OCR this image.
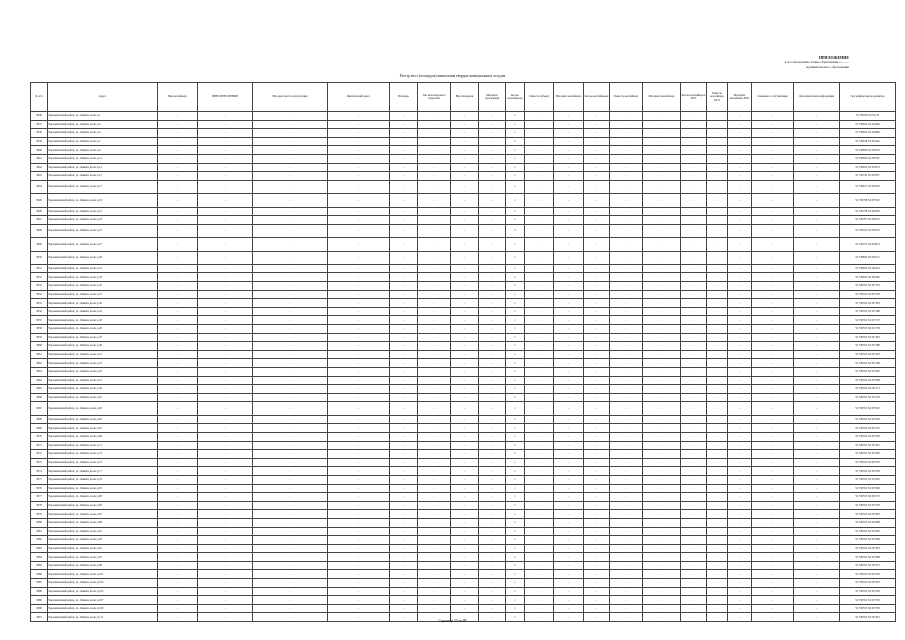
ПРИЛОЖЕНИЕ
к постановлению Главы образования с..........
муниципального образования
Реестр мест (площадок) накопления твердых коммунальных отходов
№ п/п	Адрес	Вид контейнера	ИНН/ОГРН/ОГРНИП	Юр.адрес/место регистрации	Фактический адрес	Площадь	Тип используемого покрытия	Вид площадки	Материал ограждения	Кол-во контейнеров	Емкость (объем)	Материал контейнера	Кол-во контейнеров	Емкость контейнера	Материал контейнера	Кол-во контейнеров КГО	Емкость контейнера КГО	Материал контейнера КГО	Сведения о собственнике	Дополнительная информация	Географические координаты
3036	Черемшанский район, ул. Ленина, возле д.1	-	-	-	-	-	-	-	-	1	-	-	-	-	-	-	-	-	-	-	55.736763 50.35133
3037	Черемшанский район, ул. Ленина, возле д.3	-	-	-	-	-	-	-	-	1	-	-	-	-	-	-	-	-	-	-	55.736843 50.354346
3038	Черемшанский район, ул. Ленина, возле д.5	-	-	-	-	-	-	-	-	1	-	-	-	-	-	-	-	-	-	-	55.736823 50.352848
3039	Черемшанский район, ул. Ленина, возле д.7	-	-	-	-	-	-	-	-	1	-	-	-	-	-	-	-	-	-	-	55.736818 50.353142
3040	Черемшанский район, ул. Ленина, возле д.9	-	-	-	-	-	-	-	-	1	-	-	-	-	-	-	-	-	-	-	55.736820 50.354733
3041	Черемшанский район, ул. Ленина, возле д.11	-	-	-	-	-	-	-	-	1	-	-	-	-	-	-	-	-	-	-	55.736620 50.359767
3042	Черемшанский район, ул. Ленина, возле д.13	-	-	-	-	-	-	-	-	1	-	-	-	-	-	-	-	-	-	-	55.736633 50.357913
3043	Черемшанский район, ул. Ленина, возле д.15	-	-	-	-	-	-	-	-	1	-	-	-	-	-	-	-	-	-	-	55.736743 50.357957
3044	Черемшанский район, ул. Ленина, возле д.17	-	-	-	-	-	-	-	-	1	-	-	-	-	-	-	-	-	-	-	55.736817 50.356142
3045	Черемшанский район, ул. Ленина, возле д.19	-	-	-	-	-	-	-	-	1	-	-	-	-	-	-	-	-	-	-	55.736798 50.357323
3046	Черемшанский район, ул. Ленина, возле д.21	-	-	-	-	-	-	-	-	1	-	-	-	-	-	-	-	-	-	-	55.736778 50.356393
3047	Черемшанский район, ул. Ленина, возле д.23	-	-	-	-	-	-	-	-	1	-	-	-	-	-	-	-	-	-	-	55.736767 50.356153
3048	Черемшанский район, ул. Ленина, возле д.25	-	-	-	-	-	-	-	-	2	-	-	-	-	-	-	-	-	-	-	55.736724 50.355553
3049	Черемшанский район, ул. Ленина, возле д.27	-	-	-	-	-	-	-	-	1	-	-	-	-	-	-	-	-	-	-	55.736753 50.355913
3050	Черемшанский район, ул. Ленина, возле д.29	-	-	-	-	-	-	-	-	1	-	-	-	-	-	-	-	-	-	-	55.736843 50.356113
3051	Черемшанский район, ул. Ленина, возле д.31	-	-	-	-	-	-	-	-	1	-	-	-	-	-	-	-	-	-	-	55.736853 50.356143
3052	Черемшанский район, ул. Ленина, возле д.33	-	-	-	-	-	-	-	-	1	-	-	-	-	-	-	-	-	-	-	55.736833 50.356182
3053	Черемшанский район, ул. Ленина, возле д.35	-	-	-	-	-	-	-	-	1	-	-	-	-	-	-	-	-	-	-	55.736553 50.357153
3054	Черемшанский район, ул. Ленина, возле д.37	-	-	-	-	-	-	-	-	1	-	-	-	-	-	-	-	-	-	-	55.736553 50.357158
3055	Черемшанский район, ул. Ленина, возле д.39	-	-	-	-	-	-	-	-	1	-	-	-	-	-	-	-	-	-	-	55.736553 50.357163
3056	Черемшанский район, ул. Ленина, возле д.41	-	-	-	-	-	-	-	-	1	-	-	-	-	-	-	-	-	-	-	55.736553 50.357168
3057	Черемшанский район, ул. Ленина, возле д.43	-	-	-	-	-	-	-	-	1	-	-	-	-	-	-	-	-	-	-	55.736553 50.357173
3058	Черемшанский район, ул. Ленина, возле д.45	-	-	-	-	-	-	-	-	1	-	-	-	-	-	-	-	-	-	-	55.736553 50.357178
3059	Черемшанский район, ул. Ленина, возле д.47	-	-	-	-	-	-	-	-	1	-	-	-	-	-	-	-	-	-	-	55.736553 50.357183
3060	Черемшанский район, ул. Ленина, возле д.49	-	-	-	-	-	-	-	-	1	-	-	-	-	-	-	-	-	-	-	55.736553 50.357188
3061	Черемшанский район, ул. Ленина, возле д.51	-	-	-	-	-	-	-	-	1	-	-	-	-	-	-	-	-	-	-	55.736553 50.357193
3062	Черемшанский район, ул. Ленина, возле д.53	-	-	-	-	-	-	-	-	1	-	-	-	-	-	-	-	-	-	-	55.736553 50.357198
3063	Черемшанский район, ул. Ленина, возле д.55	-	-	-	-	-	-	-	-	1	-	-	-	-	-	-	-	-	-	-	55.736553 50.357203
3064	Черемшанский район, ул. Ленина, возле д.57	-	-	-	-	-	-	-	-	1	-	-	-	-	-	-	-	-	-	-	55.736553 50.357208
3065	Черемшанский район, ул. Ленина, возле д.59	-	-	-	-	-	-	-	-	1	-	-	-	-	-	-	-	-	-	-	55.736553 50.357213
3066	Черемшанский район, ул. Ленина, возле д.61	-	-	-	-	-	-	-	-	1	-	-	-	-	-	-	-	-	-	-	55.736553 50.357218
3067	Черемшанский район, ул. Ленина, возле д.63	-	-	-	-	-	-	-	-	1	-	-	-	-	-	-	-	-	-	-	55.736553 50.357223
3068	Черемшанский район, ул. Ленина, возле д.65	-	-	-	-	-	-	-	-	1	-	-	-	-	-	-	-	-	-	-	55.736553 50.357228
3069	Черемшанский район, ул. Ленина, возле д.67	-	-	-	-	-	-	-	-	1	-	-	-	-	-	-	-	-	-	-	55.736553 50.357233
3070	Черемшанский район, ул. Ленина, возле д.69	-	-	-	-	-	-	-	-	1	-	-	-	-	-	-	-	-	-	-	55.736553 50.357238
3071	Черемшанский район, ул. Ленина, возле д.71	-	-	-	-	-	-	-	-	1	-	-	-	-	-	-	-	-	-	-	55.736553 50.357243
3072	Черемшанский район, ул. Ленина, возле д.73	-	-	-	-	-	-	-	-	1	-	-	-	-	-	-	-	-	-	-	55.736553 50.357248
3073	Черемшанский район, ул. Ленина, возле д.75	-	-	-	-	-	-	-	-	1	-	-	-	-	-	-	-	-	-	-	55.736553 50.357253
3074	Черемшанский район, ул. Ленина, возле д.77	-	-	-	-	-	-	-	-	1	-	-	-	-	-	-	-	-	-	-	55.736553 50.357258
3075	Черемшанский район, ул. Ленина, возле д.79	-	-	-	-	-	-	-	-	1	-	-	-	-	-	-	-	-	-	-	55.736553 50.357263
3076	Черемшанский район, ул. Ленина, возле д.81	-	-	-	-	-	-	-	-	1	-	-	-	-	-	-	-	-	-	-	55.736553 50.357268
3077	Черемшанский район, ул. Ленина, возле д.83	-	-	-	-	-	-	-	-	1	-	-	-	-	-	-	-	-	-	-	55.736553 50.357273
3078	Черемшанский район, ул. Ленина, возле д.85	-	-	-	-	-	-	-	-	1	-	-	-	-	-	-	-	-	-	-	55.736553 50.357278
3079	Черемшанский район, ул. Ленина, возле д.87	-	-	-	-	-	-	-	-	1	-	-	-	-	-	-	-	-	-	-	55.736553 50.357283
3080	Черемшанский район, ул. Ленина, возле д.89	-	-	-	-	-	-	-	-	1	-	-	-	-	-	-	-	-	-	-	55.736553 50.357288
3081	Черемшанский район, ул. Ленина, возле д.91	-	-	-	-	-	-	-	-	1	-	-	-	-	-	-	-	-	-	-	55.736553 50.357293
3082	Черемшанский район, ул. Ленина, возле д.93	-	-	-	-	-	-	-	-	1	-	-	-	-	-	-	-	-	-	-	55.736553 50.357298
3083	Черемшанский район, ул. Ленина, возле д.95	-	-	-	-	-	-	-	-	1	-	-	-	-	-	-	-	-	-	-	55.736553 50.357303
3084	Черемшанский район, ул. Ленина, возле д.97	-	-	-	-	-	-	-	-	1	-	-	-	-	-	-	-	-	-	-	55.736553 50.357308
3085	Черемшанский район, ул. Ленина, возле д.99	-	-	-	-	-	-	-	-	1	-	-	-	-	-	-	-	-	-	-	55.736553 50.357313
3086	Черемшанский район, ул. Ленина, возле д.101	-	-	-	-	-	-	-	-	1	-	-	-	-	-	-	-	-	-	-	55.736553 50.357318
3087	Черемшанский район, ул. Ленина, возле д.103	-	-	-	-	-	-	-	-	1	-	-	-	-	-	-	-	-	-	-	55.736553 50.357323
3088	Черемшанский район, ул. Ленина, возле д.105	-	-	-	-	-	-	-	-	1	-	-	-	-	-	-	-	-	-	-	55.736553 50.357328
3089	Черемшанский район, ул. Ленина, возле д.107	-	-	-	-	-	-	-	-	1	-	-	-	-	-	-	-	-	-	-	55.736553 50.357333
3090	Черемшанский район, ул. Ленина, возле д.109	-	-	-	-	-	-	-	-	1	-	-	-	-	-	-	-	-	-	-	55.736553 50.357338
3091	Черемшанский район, ул. Ленина, возле д.111	-	-	-	-	-	-	-	-	1	-	-	-	-	-	-	-	-	-	-	55.736553 50.357343
Страница 55 из 88
